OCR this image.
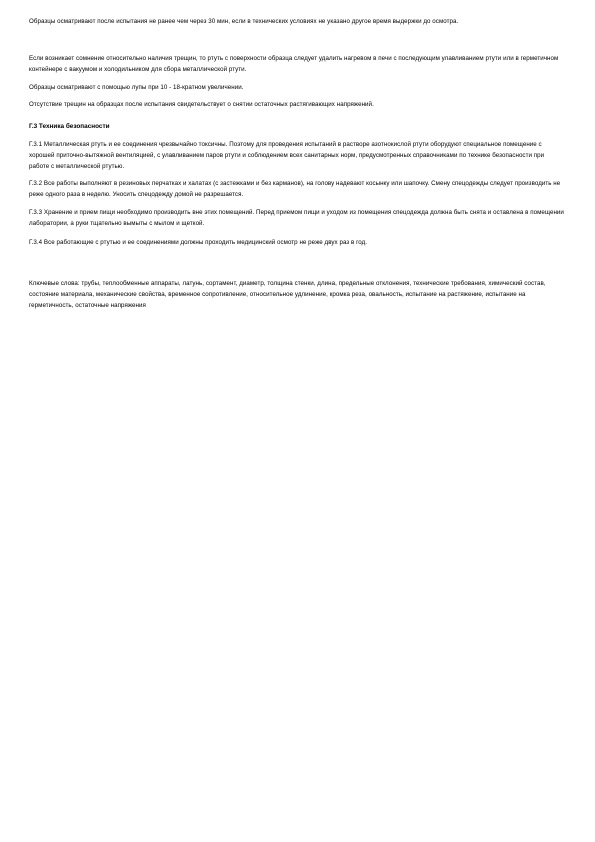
Образцы осматривают после испытания не ранее чем через 30 мин, если в технических условиях не указано другое время выдержки до осмотра.

Если возникает сомнение относительно наличия трещин, то ртуть с поверхности образца следует удалить нагревом в печи с последующим улавливанием ртути или в герметичном контейнере с вакуумом и холодильником для сбора металлической ртути.

Образцы осматривают с помощью лупы при 10 - 18-кратном увеличении.

Отсутствие трещин на образцах после испытания свидетельствует о снятии остаточных растягивающих напряжений.

Г.3 Техника безопасности

Г.3.1 Металлическая ртуть и ее соединения чрезвычайно токсичны. Поэтому для проведения испытаний в растворе азотнокислой ртути оборудуют специальное помещение с хорошей приточно-вытяжной вентиляцией, с улавливанием паров ртути и соблюдением всех санитарных норм, предусмотренных справочниками по технике безопасности при работе с металлической ртутью.

Г.3.2 Все работы выполняют в резиновых перчатках и халатах (с застежками и без карманов), на голову надевают косынку или шапочку. Смену спецодежды следует производить не реже одного раза в неделю. Уносить спецодежду домой не разрешается.

Г.3.3 Хранение и прием пищи необходимо производить вне этих помещений. Перед приемом пищи и уходом из помещения спецодежда должна быть снята и оставлена в помещении лаборатории, а руки тщательно вымыты с мылом и щеткой.

Г.3.4 Все работающие с ртутью и ее соединениями должны проходить медицинский осмотр не реже двух раз в год.

Ключевые слова: трубы, теплообменные аппараты, латунь, сортамент, диаметр, толщина стенки, длина, предельные отклонения, технические требования, химический состав, состояние материала, механические свойства, временное сопротивление, относительное удлинение, кромка реза, овальность, испытание на растяжение, испытание на герметичность, остаточные напряжения
